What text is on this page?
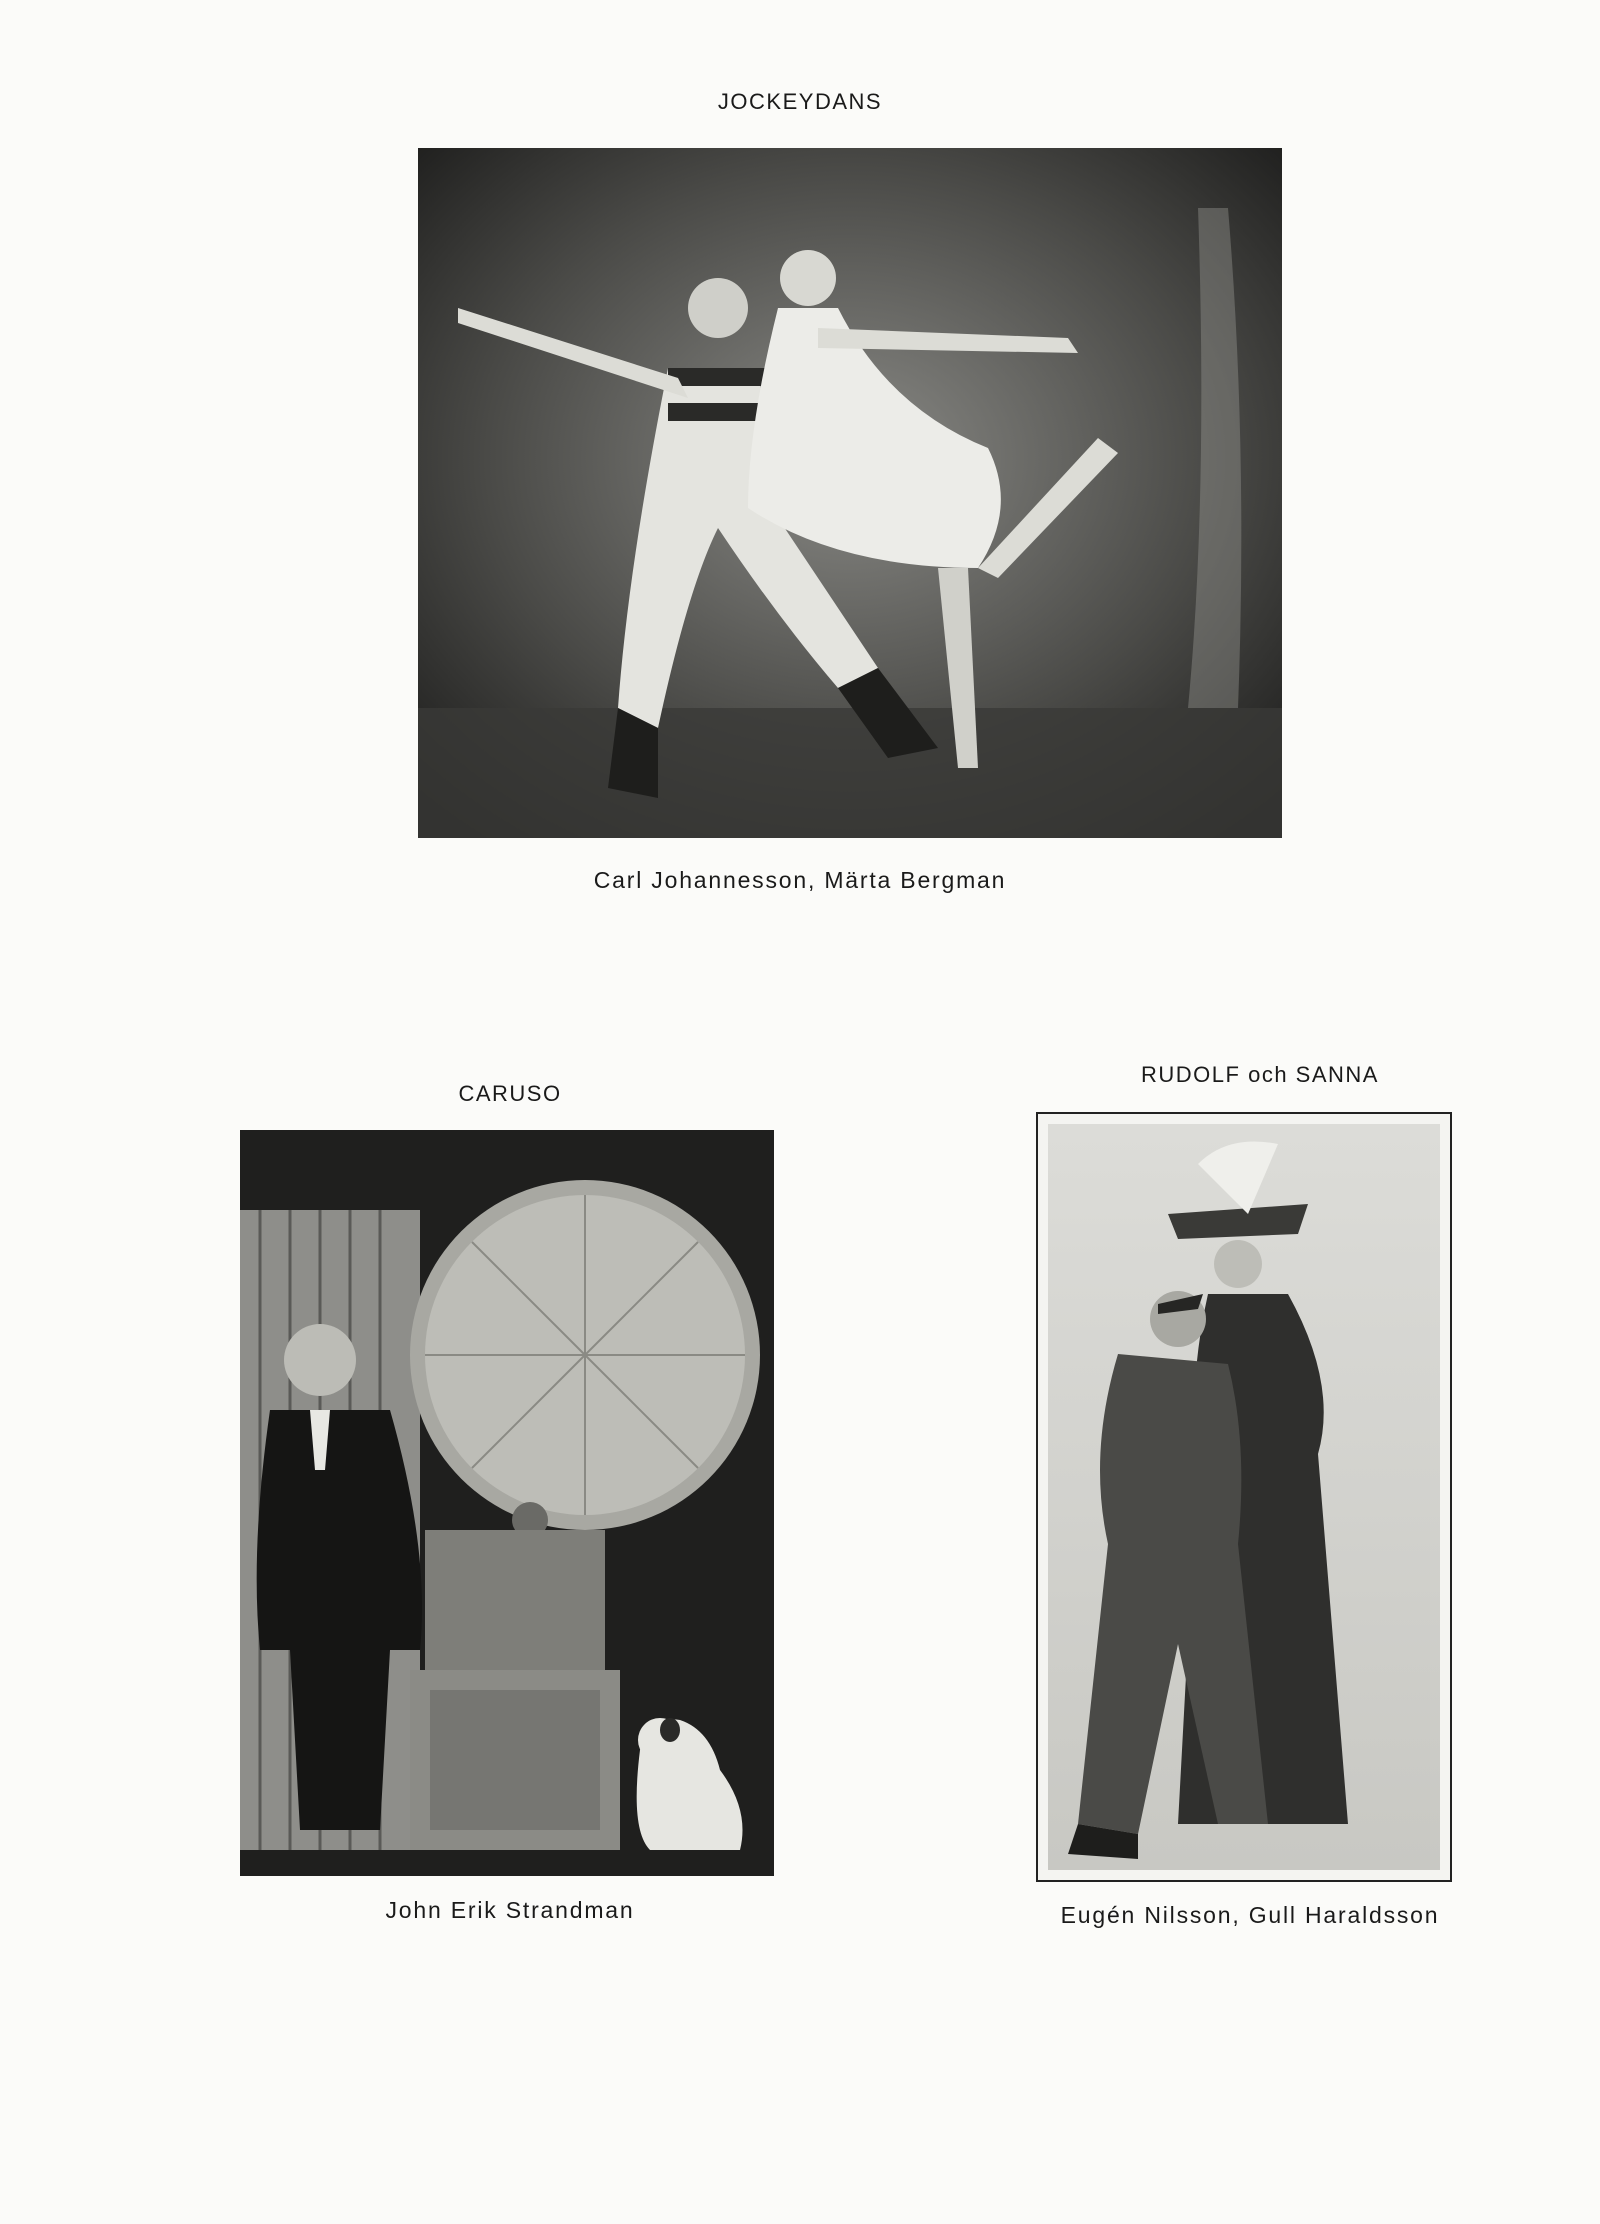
JOCKEYDANS
Carl Johannesson, Märta Bergman
CARUSO
John Erik Strandman
RUDOLF och SANNA
Eugén Nilsson, Gull Haraldsson
